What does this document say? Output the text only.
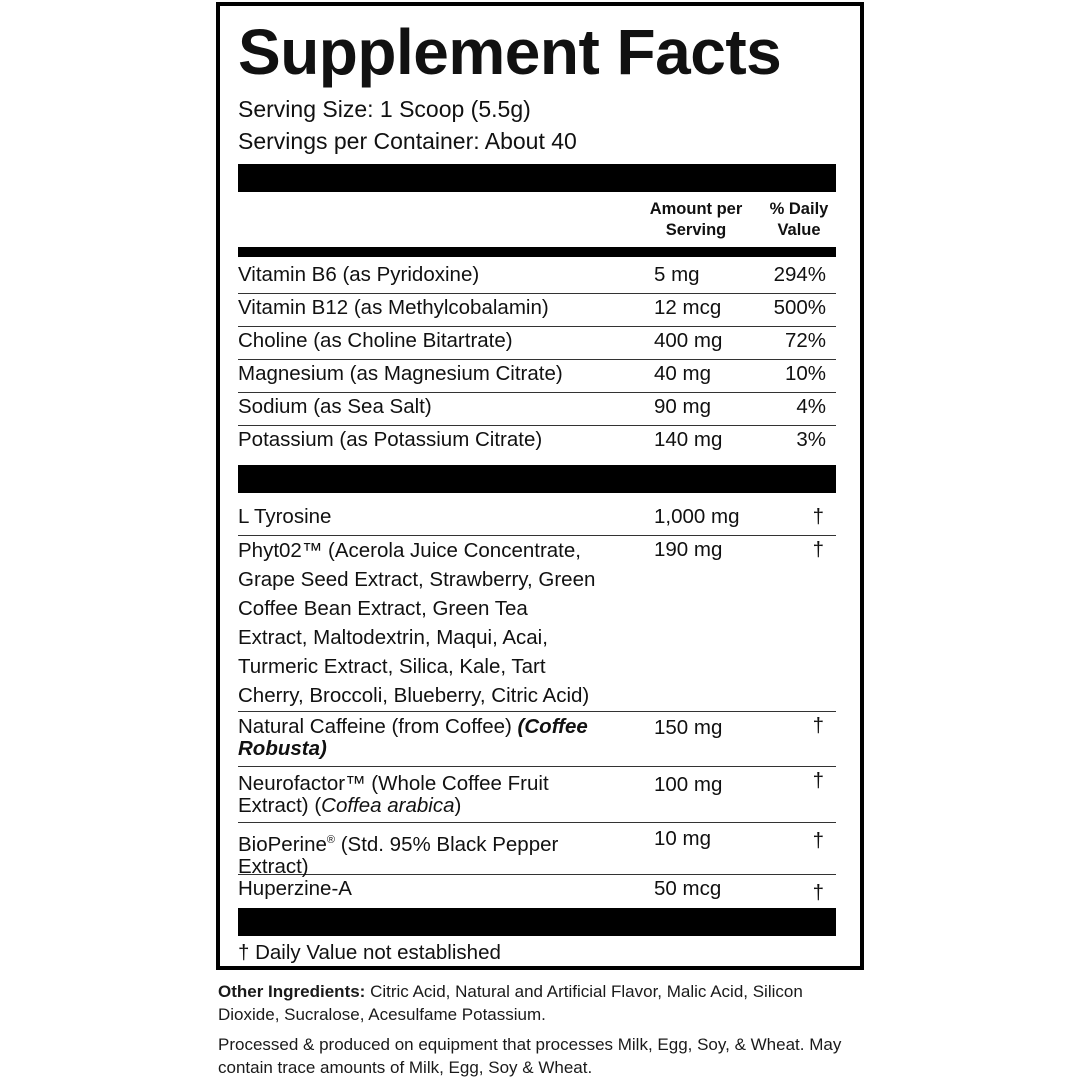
Supplement Facts
Serving Size: 1 Scoop (5.5g)
Servings per Container: About 40
Amount per
Serving
% Daily
Value
Vitamin B6 (as Pyridoxine)	5 mg	294%
Vitamin B12 (as Methylcobalamin)	12 mcg	500%
Choline (as Choline Bitartrate)	400 mg	72%
Magnesium (as Magnesium Citrate)	40 mg	10%
Sodium (as Sea Salt)	90 mg	4%
Potassium (as Potassium Citrate)	140 mg	3%
L Tyrosine	1,000 mg	†
Phyt02™ (Acerola Juice Concentrate,
Grape Seed Extract, Strawberry, Green
Coffee Bean Extract, Green Tea
Extract, Maltodextrin, Maqui, Acai,
Turmeric Extract, Silica, Kale, Tart
Cherry, Broccoli, Blueberry, Citric Acid)
190 mg	†
Natural Caffeine (from Coffee) (Coffee
Robusta)
150 mg	†
Neurofactor™ (Whole Coffee Fruit
Extract) (Coffea arabica)
100 mg	†
BioPerine® (Std. 95% Black Pepper
Extract)
10 mg	†
Huperzine-A	50 mcg	†
† Daily Value not established
Other Ingredients: Citric Acid, Natural and Artificial Flavor, Malic Acid, Silicon Dioxide, Sucralose, Acesulfame Potassium.
Processed & produced on equipment that processes Milk, Egg, Soy, & Wheat. May contain trace amounts of Milk, Egg, Soy & Wheat.
